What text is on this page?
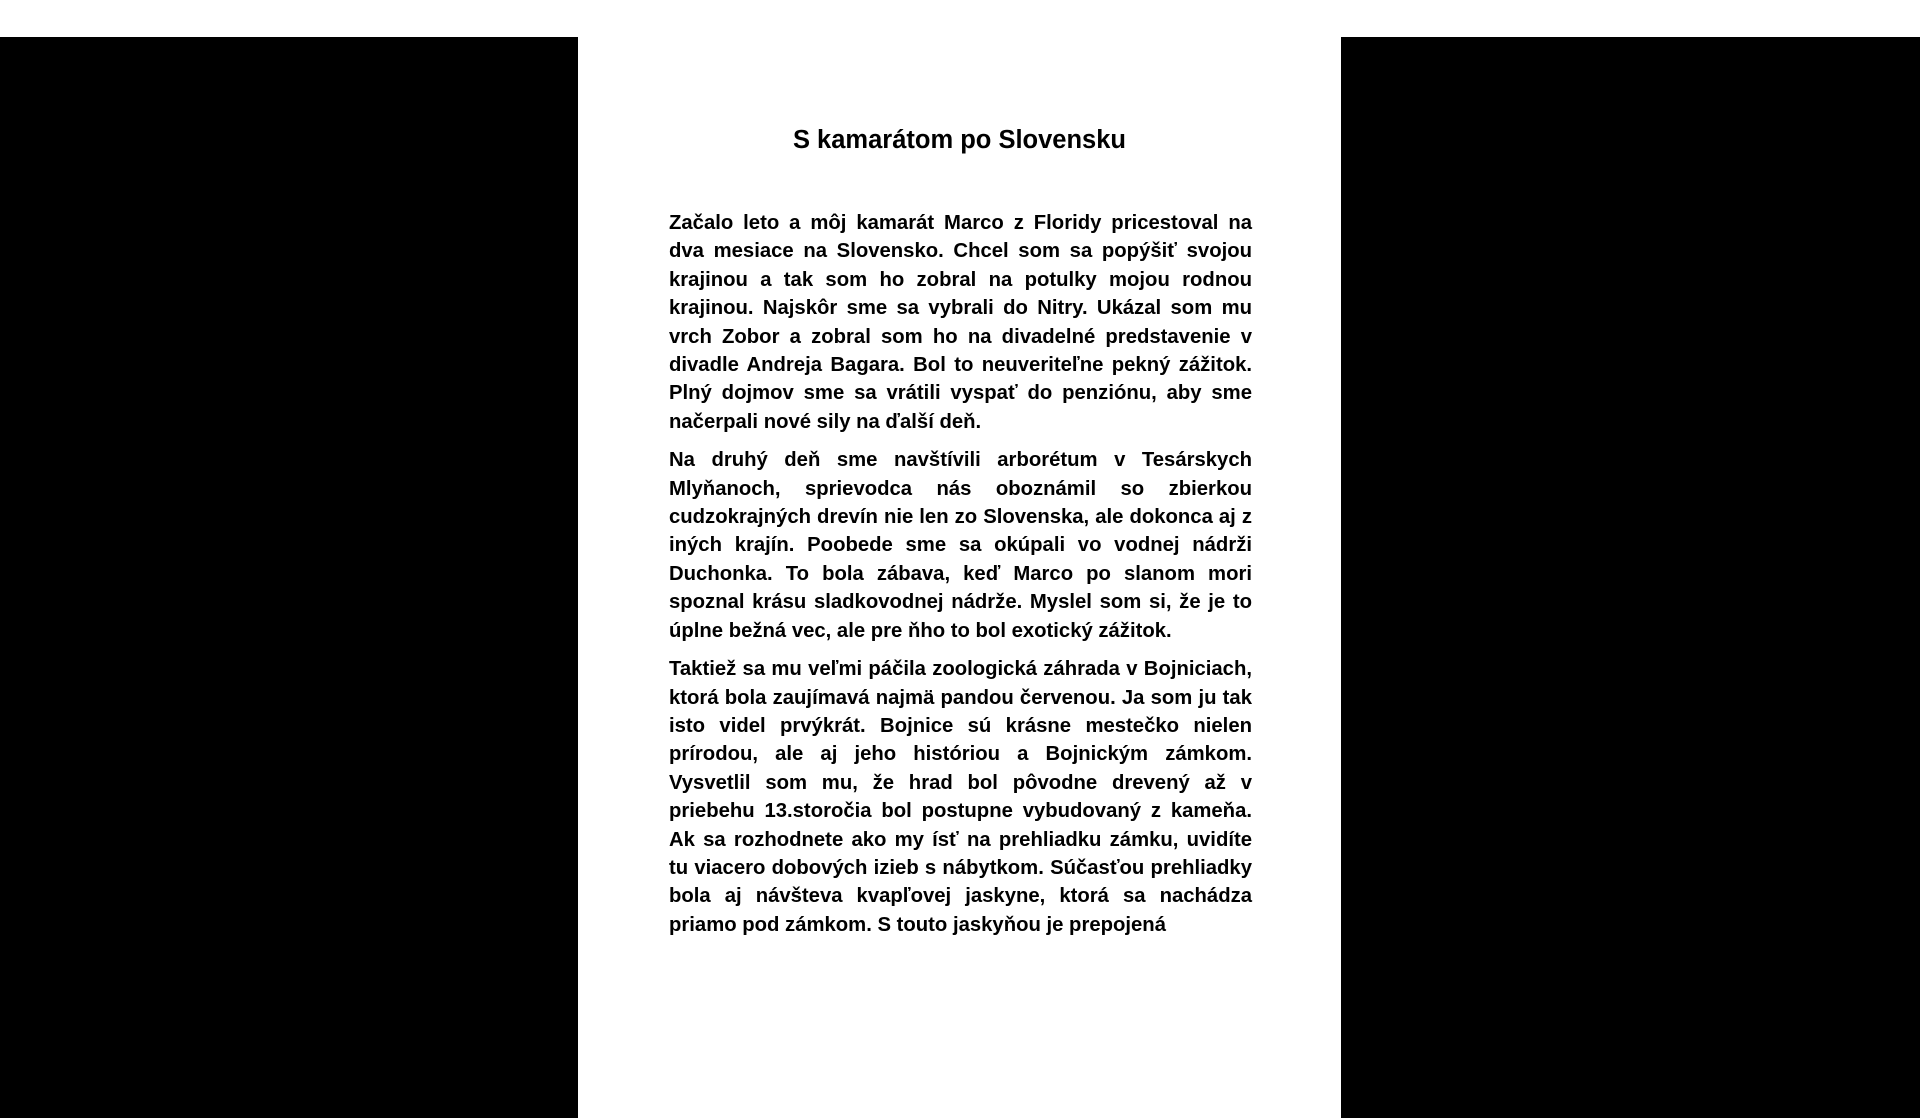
S kamarátom po Slovensku

Začalo leto a môj kamarát Marco z Floridy pricestoval na dva mesiace na Slovensko. Chcel som sa popýšiť svojou krajinou a tak som ho zobral na potulky mojou rodnou krajinou. Najskôr sme sa vybrali do Nitry. Ukázal som mu vrch Zobor a zobral som ho na divadelné predstavenie v divadle Andreja Bagara. Bol to neuveriteľne pekný zážitok. Plný dojmov sme sa vrátili vyspať do penziónu, aby sme načerpali nové sily na ďalší deň.

Na druhý deň sme navštívili arborétum v Tesárskych Mlyňanoch, sprievodca nás oboznámil so zbierkou cudzokrajných drevín nie len zo Slovenska, ale dokonca aj z iných krajín. Poobede sme sa okúpali vo vodnej nádrži Duchonka. To bola zábava, keď Marco po slanom mori spoznal krásu sladkovodnej nádrže. Myslel som si, že je to úplne bežná vec, ale pre ňho to bol exotický zážitok.

Taktiež sa mu veľmi páčila zoologická záhrada v Bojniciach, ktorá bola zaujímavá najmä pandou červenou. Ja som ju tak isto videl prvýkrát. Bojnice sú krásne mestečko nielen prírodou, ale aj jeho históriou a Bojnickým zámkom. Vysvetlil som mu, že hrad bol pôvodne drevený až v priebehu 13.storočia bol postupne vybudovaný z kameňa. Ak sa rozhodnete ako my ísť na prehliadku zámku, uvidíte tu viacero dobových izieb s nábytkom. Súčasťou prehliadky bola aj návšteva kvapľovej jaskyne, ktorá sa nachádza priamo pod zámkom. S touto jaskyňou je prepojená
